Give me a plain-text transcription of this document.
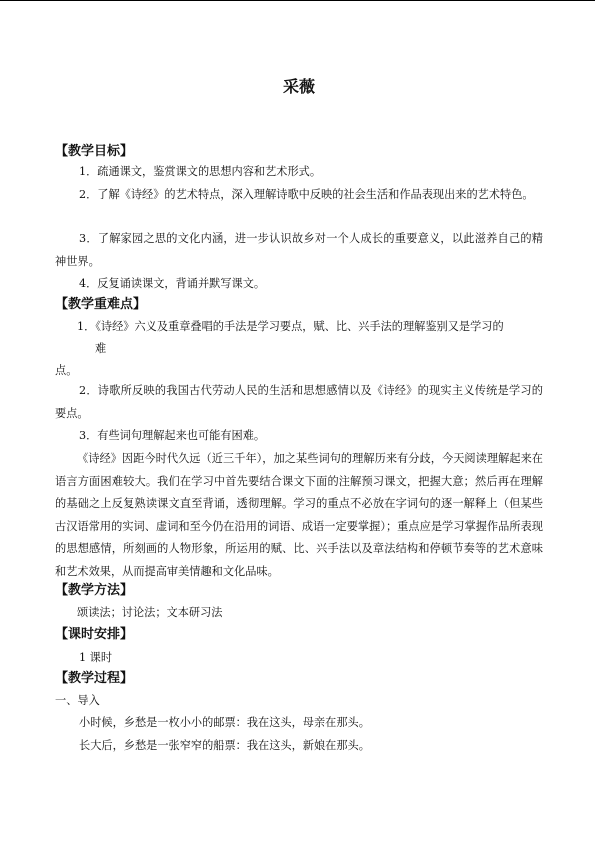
采薇
【教学目标】
1．疏通课文，鉴赏课文的思想内容和艺术形式。
2．了解《诗经》的艺术特点，深入理解诗歌中反映的社会生活和作品表现出来的艺术特色。
3．了解家园之思的文化内涵，进一步认识故乡对一个人成长的重要意义，以此滋养自己的精神世界。
4．反复诵读课文，背诵并默写课文。
【教学重难点】
1．《诗经》六义及重章叠唱的手法是学习要点，赋、比、兴手法的理解鉴别又是学习的
难
点。
2．诗歌所反映的我国古代劳动人民的生活和思想感情以及《诗经》的现实主义传统是学习的要点。
3．有些词句理解起来也可能有困难。
《诗经》因距今时代久远（近三千年），加之某些词句的理解历来有分歧，今天阅读理解起来在语言方面困难较大。我们在学习中首先要结合课文下面的注解预习课文，把握大意；然后再在理解的基础之上反复熟读课文直至背诵，透彻理解。学习的重点不必放在字词句的逐一解释上（但某些古汉语常用的实词、虚词和至今仍在沿用的词语、成语一定要掌握）；重点应是学习掌握作品所表现的思想感情，所刻画的人物形象，所运用的赋、比、兴手法以及章法结构和停顿节奏等的艺术意味和艺术效果，从而提高审美情趣和文化品味。
【教学方法】
颂读法；讨论法；文本研习法
【课时安排】
1 课时
【教学过程】
一、导入
小时候，乡愁是一枚小小的邮票：我在这头，母亲在那头。
长大后，乡愁是一张窄窄的船票：我在这头，新娘在那头。
